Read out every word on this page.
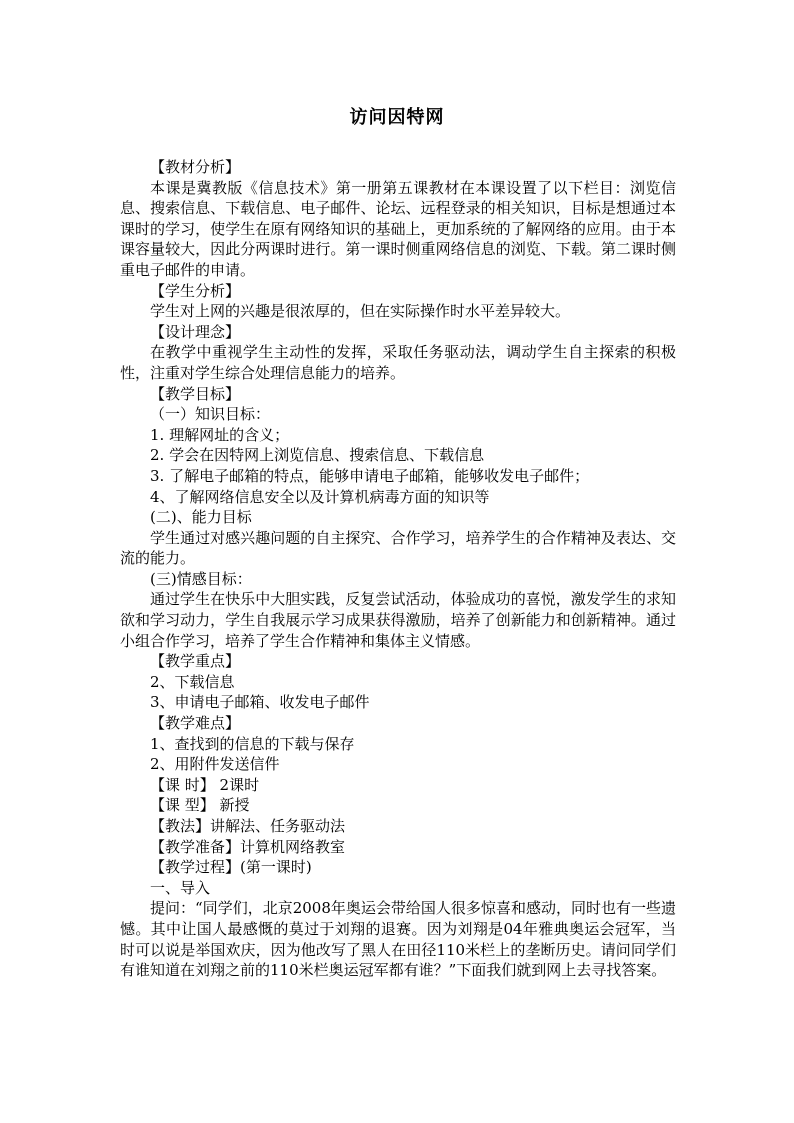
访问因特网

【教材分析】

本课是冀教版《信息技术》第一册第五课教材在本课设置了以下栏目：浏览信息、搜索信息、下载信息、电子邮件、论坛、远程登录的相关知识，目标是想通过本课时的学习，使学生在原有网络知识的基础上，更加系统的了解网络的应用。由于本课容量较大，因此分两课时进行。第一课时侧重网络信息的浏览、下载。第二课时侧重电子邮件的申请。

【学生分析】

学生对上网的兴趣是很浓厚的，但在实际操作时水平差异较大。

【设计理念】

在教学中重视学生主动性的发挥，采取任务驱动法，调动学生自主探索的积极性，注重对学生综合处理信息能力的培养。

【教学目标】

（一）知识目标：

1. 理解网址的含义；

2. 学会在因特网上浏览信息、搜索信息、下载信息

3. 了解电子邮箱的特点，能够申请电子邮箱，能够收发电子邮件；

4、了解网络信息安全以及计算机病毒方面的知识等

(二)、能力目标

学生通过对感兴趣问题的自主探究、合作学习，培养学生的合作精神及表达、交流的能力。

(三)情感目标：

通过学生在快乐中大胆实践，反复尝试活动，体验成功的喜悦，激发学生的求知欲和学习动力，学生自我展示学习成果获得激励，培养了创新能力和创新精神。通过小组合作学习，培养了学生合作精神和集体主义情感。

【教学重点】

2、下载信息

3、申请电子邮箱、收发电子邮件

【教学难点】

1、查找到的信息的下载与保存

2、用附件发送信件

【课 时】 2课时

【课 型】 新授

【教法】讲解法、任务驱动法

【教学准备】计算机网络教室

【教学过程】(第一课时)

一、导入

提问：“同学们，北京2008年奥运会带给国人很多惊喜和感动，同时也有一些遗憾。其中让国人最感慨的莫过于刘翔的退赛。因为刘翔是04年雅典奥运会冠军，当时可以说是举国欢庆，因为他改写了黑人在田径110米栏上的垄断历史。请问同学们有谁知道在刘翔之前的110米栏奥运冠军都有谁？”下面我们就到网上去寻找答案。
